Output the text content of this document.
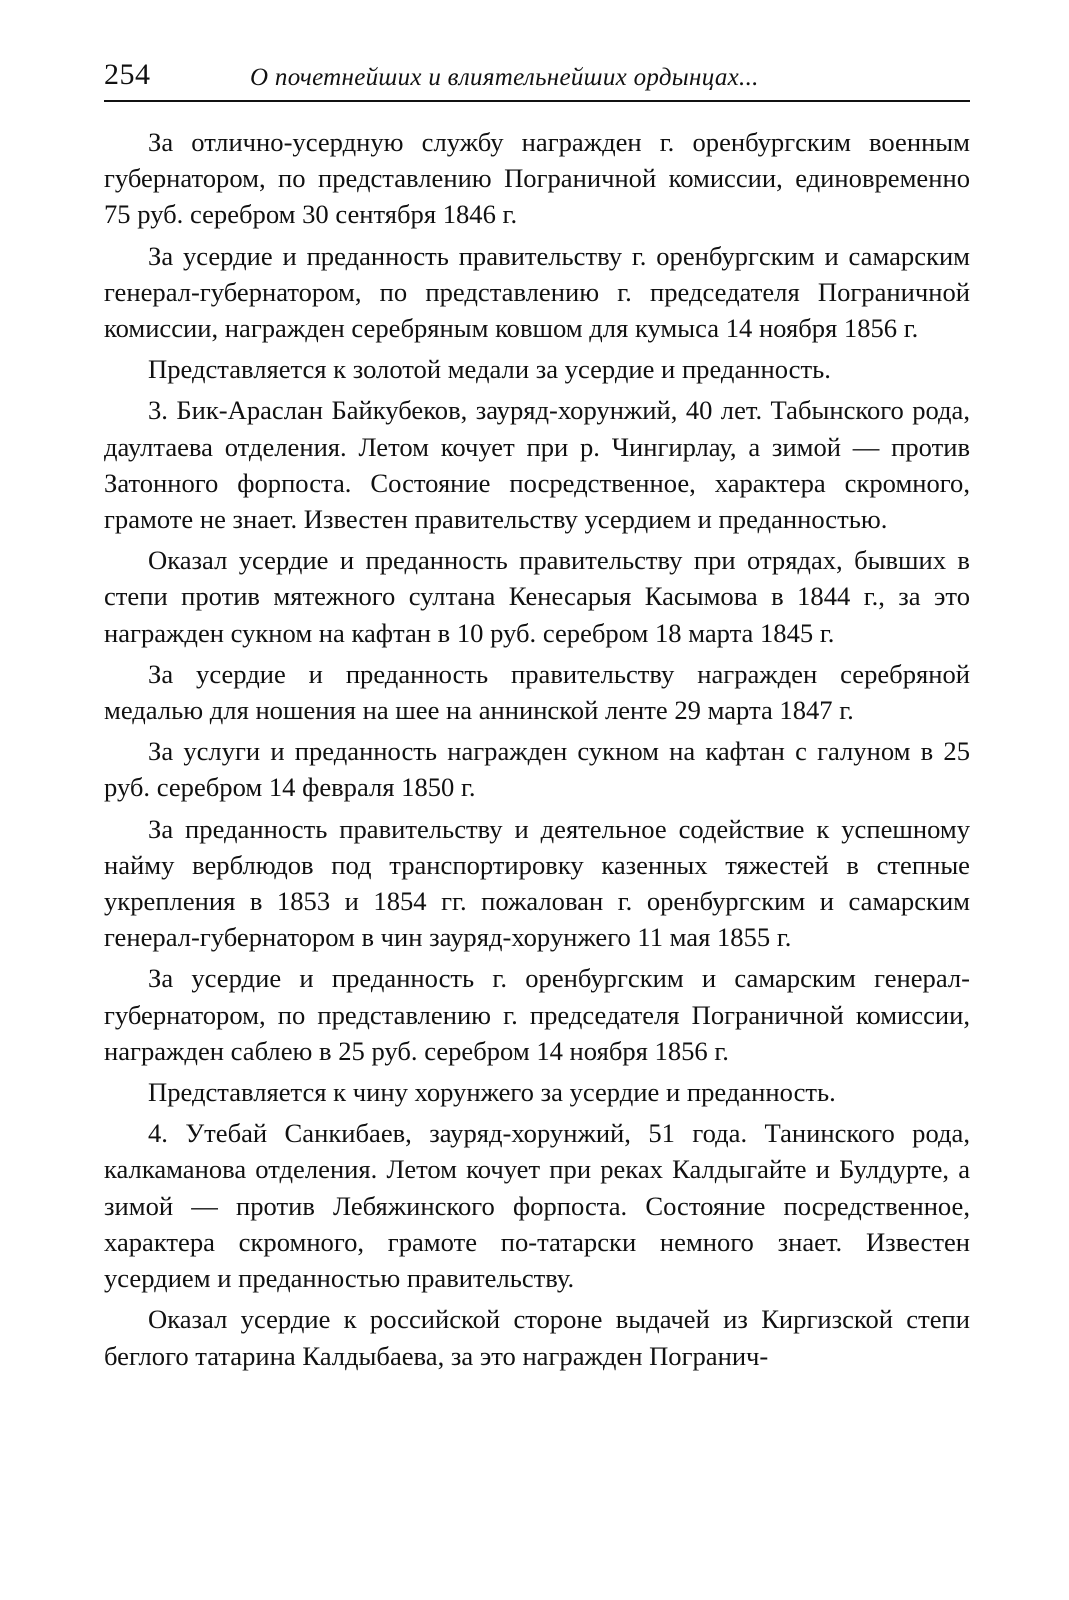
254	О почетнейших и влиятельнейших ордынцах...

За отлично-усердную службу награжден г. оренбургским военным губернатором, по представлению Пограничной комиссии, единовременно 75 руб. серебром 30 сентября 1846 г.

За усердие и преданность правительству г. оренбургским и самарским генерал-губернатором, по представлению г. председателя Пограничной комиссии, награжден серебряным ковшом для кумыса 14 ноября 1856 г.

Представляется к золотой медали за усердие и преданность.

3. Бик-Араслан Байкубеков, зауряд-хорунжий, 40 лет. Табынского рода, даултаева отделения. Летом кочует при р. Чингирлау, а зимой — против Затонного форпоста. Состояние посредственное, характера скромного, грамоте не знает. Известен правительству усердием и преданностью.

Оказал усердие и преданность правительству при отрядах, бывших в степи против мятежного султана Кенесарыя Касымова в 1844 г., за это награжден сукном на кафтан в 10 руб. серебром 18 марта 1845 г.

За усердие и преданность правительству награжден серебряной медалью для ношения на шее на аннинской ленте 29 марта 1847 г.

За услуги и преданность награжден сукном на кафтан с галуном в 25 руб. серебром 14 февраля 1850 г.

За преданность правительству и деятельное содействие к успешному найму верблюдов под транспортировку казенных тяжестей в степные укрепления в 1853 и 1854 гг. пожалован г. оренбургским и самарским генерал-губернатором в чин зауряд-хорунжего 11 мая 1855 г.

За усердие и преданность г. оренбургским и самарским генерал-губернатором, по представлению г. председателя Пограничной комиссии, награжден саблею в 25 руб. серебром 14 ноября 1856 г.

Представляется к чину хорунжего за усердие и преданность.

4. Утебай Санкибаев, зауряд-хорунжий, 51 года. Танинского рода, калкаманова отделения. Летом кочует при реках Калдыгайте и Булдурте, а зимой — против Лебяжинского форпоста. Состояние посредственное, характера скромного, грамоте по-татарски немного знает. Известен усердием и преданностью правительству.

Оказал усердие к российской стороне выдачей из Киргизской степи беглого татарина Калдыбаева, за это награжден Погранич-
